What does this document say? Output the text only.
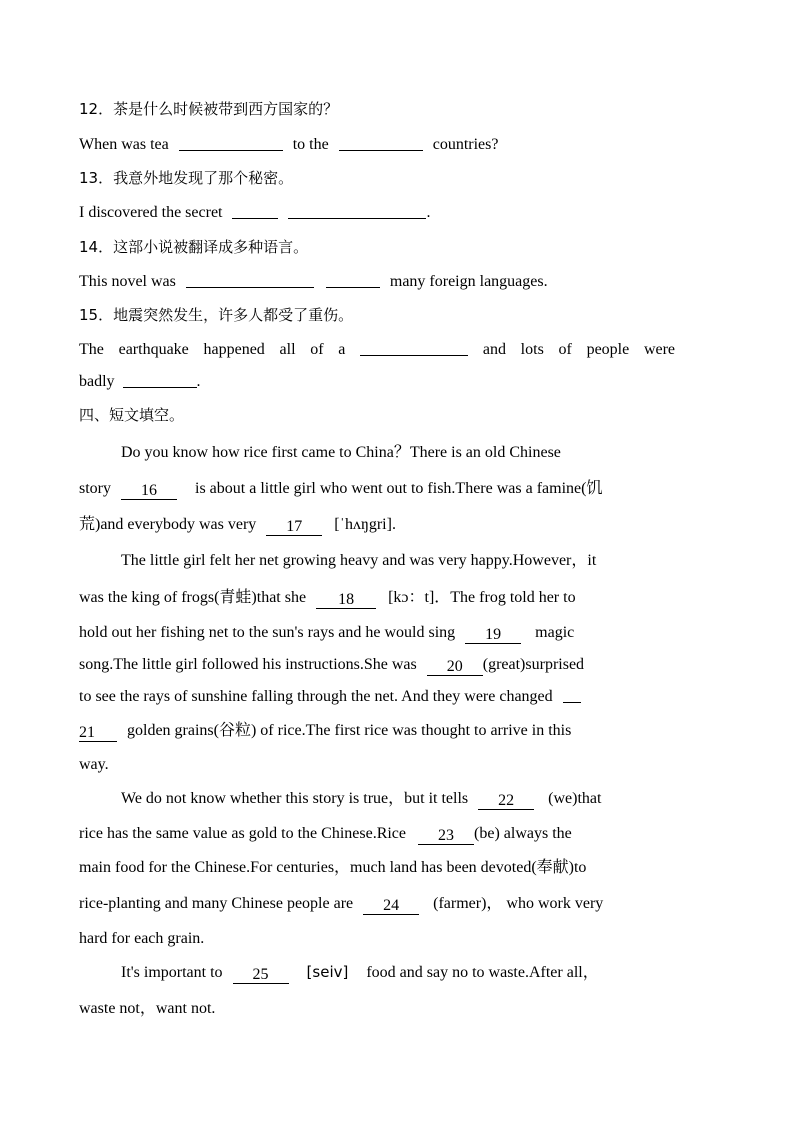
12．茶是什么时候被带到西方国家的？
When was tea	to the	countries?
13．我意外地发现了那个秘密。
I discovered the secret	.
14．这部小说被翻译成多种语言。
This novel was	many foreign languages.
15．地震突然发生，许多人都受了重伤。
The earthquake happened all of a	and lots of people were
badly	.
四、短文填空。
Do you know how rice first came to China？There is an old Chinese
story 16 is about a little girl who went out to fish.There was a famine(饥
荒)and everybody was very 17 [ˈhʌŋgri].
The little girl felt her net growing heavy and was very happy.However，it
was the king of frogs(青蛙)that she 18 [kɔ：t]．The frog told her to
hold out her fishing net to the sun's rays and he would sing 19 magic
song.The little girl followed his instructions.She was 20 (great)surprised
to see the rays of sunshine falling through the net. And they were changed
21 golden grains(谷粒) of rice.The first rice was thought to arrive in this
way.
We do not know whether this story is true，but it tells 22 (we)that
rice has the same value as gold to the Chinese.Rice 23 (be) always the
main food for the Chinese.For centuries，much land has been devoted(奉献)to
rice-planting and many Chinese people are 24 (farmer)， who work very
hard for each grain.
It's important to 25	[seiv] food and say no to waste.After all，
waste not，want not.
